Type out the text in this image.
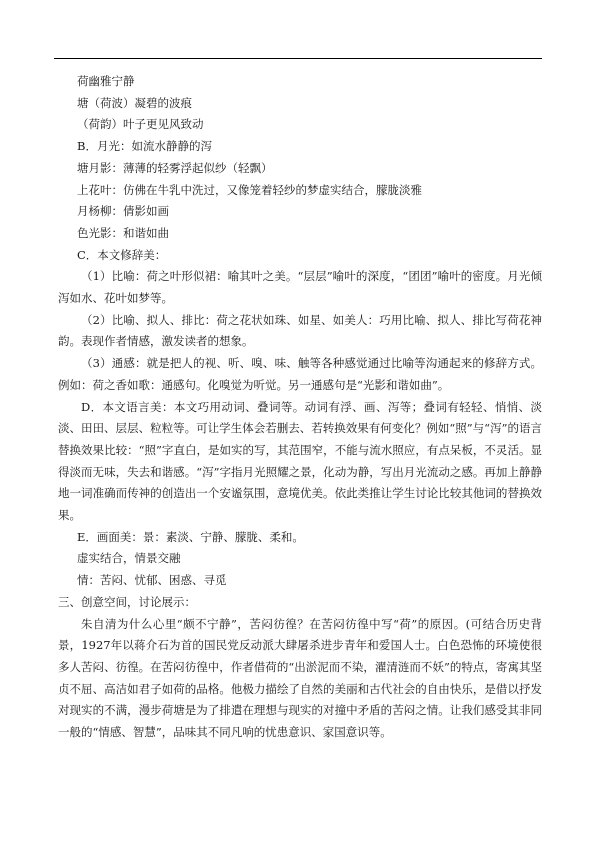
荷幽雅宁静

塘（荷波）凝碧的波痕

（荷韵）叶子更见风致动

B．月光：如流水静静的泻

塘月影：薄薄的轻雾浮起似纱（轻飘）

上花叶：仿佛在牛乳中洗过，又像笼着轻纱的梦虚实结合，朦胧淡雅

月杨柳：倩影如画

色光影：和谐如曲

C．本文修辞美：

（1）比喻：荷之叶形似裙：喻其叶之美。“层层”喻叶的深度，“团团”喻叶的密度。月光倾泻如水、花叶如梦等。

（2）比喻、拟人、排比：荷之花状如珠、如星、如美人：巧用比喻、拟人、排比写荷花神韵。表现作者情感，激发读者的想象。

（3）通感：就是把人的视、听、嗅、味、触等各种感觉通过比喻等沟通起来的修辞方式。例如：荷之香如歌：通感句。化嗅觉为听觉。另一通感句是“光影和谐如曲”。

D．本文语言美：本文巧用动词、叠词等。动词有浮、画、泻等；叠词有轻轻、悄悄、淡淡、田田、层层、粒粒等。可让学生体会若删去、若转换效果有何变化？例如“照”与“泻”的语言替换效果比较：“照”字直白，是如实的写，其范围窄，不能与流水照应，有点呆板，不灵活。显得淡而无味，失去和谐感。“泻”字指月光照耀之景，化动为静，写出月光流动之感。再加上静静地一词准确而传神的创造出一个安谧氛围，意境优美。依此类推让学生讨论比较其他词的替换效果。

E．画面美：景：素淡、宁静、朦胧、柔和。

虚实结合，情景交融

情：苦闷、忧郁、困惑、寻觅

三、创意空间，讨论展示：

朱自清为什么心里“颇不宁静”，苦闷彷徨？在苦闷彷徨中写“荷”的原因。(可结合历史背景，1927年以蒋介石为首的国民党反动派大肆屠杀进步青年和爱国人士。白色恐怖的环境使很多人苦闷、彷徨。在苦闷彷徨中，作者借荷的“出淤泥而不染，濯清涟而不妖”的特点，寄寓其坚贞不屈、高洁如君子如荷的品格。他极力描绘了自然的美丽和古代社会的自由快乐，是借以抒发对现实的不满，漫步荷塘是为了排遣在理想与现实的对撞中矛盾的苦闷之情。让我们感受其非同一般的“情感、智慧”，品味其不同凡响的忧患意识、家国意识等。
